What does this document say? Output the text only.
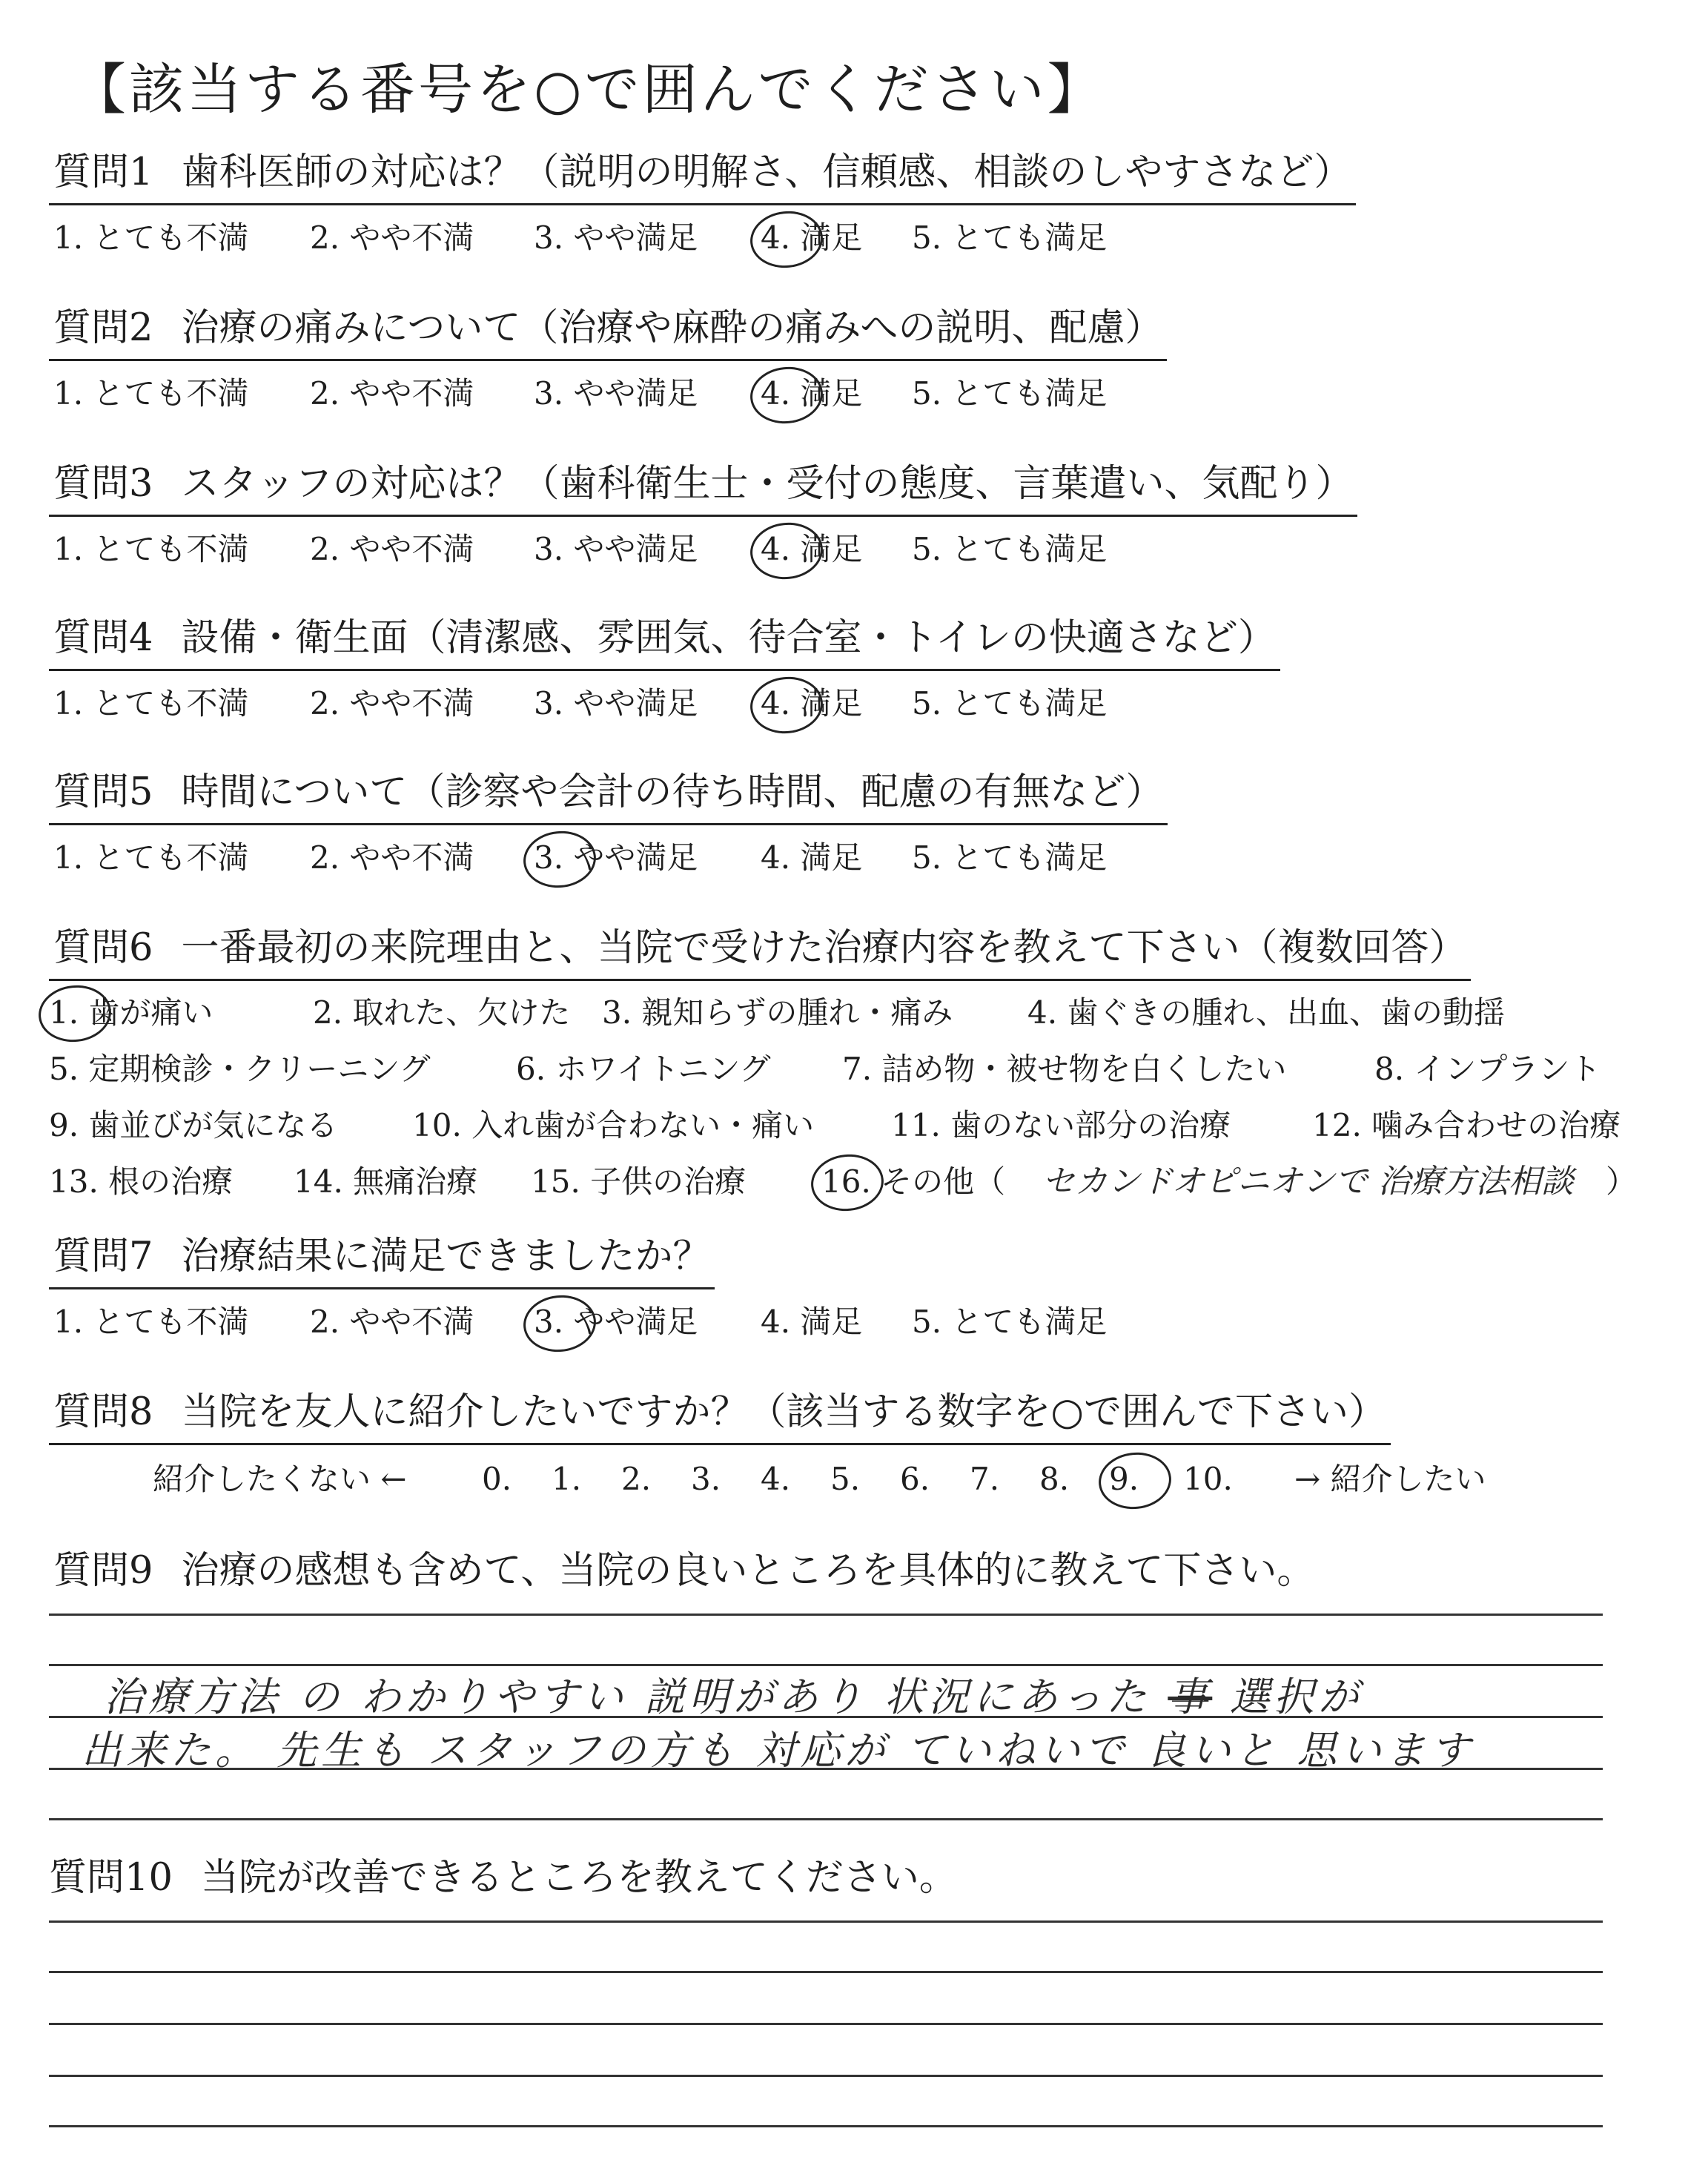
【該当する番号を○で囲んでください】
質問1 歯科医師の対応は？（説明の明解さ、信頼感、相談のしやすさなど）
1. とても不満 2. やや不満 3. やや満足 4. 満足 5. とても満足
質問2 治療の痛みについて（治療や麻酔の痛みへの説明、配慮）
1. とても不満 2. やや不満 3. やや満足 4. 満足 5. とても満足
質問3 スタッフの対応は？（歯科衛生士・受付の態度、言葉遣い、気配り）
1. とても不満 2. やや不満 3. やや満足 4. 満足 5. とても満足
質問4 設備・衛生面（清潔感、雰囲気、待合室・トイレの快適さなど）
1. とても不満 2. やや不満 3. やや満足 4. 満足 5. とても満足
質問5 時間について（診察や会計の待ち時間、配慮の有無など）
1. とても不満 2. やや不満 3. やや満足 4. 満足 5. とても満足
質問6 一番最初の来院理由と、当院で受けた治療内容を教えて下さい（複数回答）
1. 歯が痛い	2. 取れた、欠けた 3. 親知らずの腫れ・痛み 4. 歯ぐきの腫れ、出血、歯の動揺
5. 定期検診・クリーニング	6. ホワイトニング 7. 詰め物・被せ物を白くしたい	8. インプラント
9. 歯並びが気になる 10. 入れ歯が合わない・痛い 11. 歯のない部分の治療	12. 噛み合わせの治療
13. 根の治療 14. 無痛治療 15. 子供の治療 16. その他（ セカンドオピニオンで 治療方法相談 ）
質問7 治療結果に満足できましたか？
1. とても不満 2. やや不満 3. やや満足 4. 満足 5. とても満足
質問8 当院を友人に紹介したいですか？（該当する数字を○で囲んで下さい）
紹介したくない ← 0. 1. 2. 3. 4. 5. 6. 7. 8. 9. 10. → 紹介したい
質問9 治療の感想も含めて、当院の良いところを具体的に教えて下さい。
治療方法 の わかりやすい 説明があり 状況にあった 事 選択が
出来た。 先生も スタッフの方も 対応が ていねいで 良いと 思います
質問10 当院が改善できるところを教えてください。
